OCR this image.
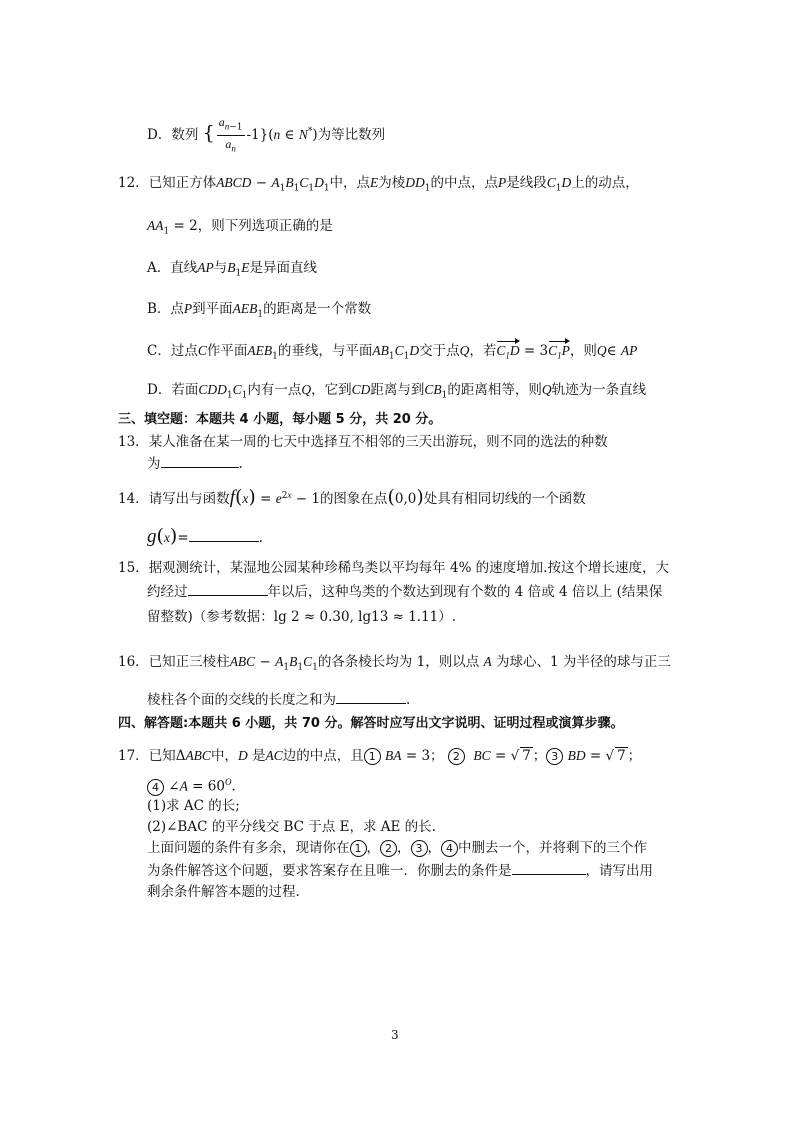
D．数列 { $\frac{a_{n-1}}{a_n} -1\}(n$ ∈ N*)为等比数列
12．已知正方体ABCD − $A_1B_1C_1D_1$中，点E为棱$DD_1$的中点，点P是线段$C_1D$上的动点，
$AA_1 = 2$，则下列选项正确的是
A．直线AP与$B_1E$是异面直线
B．点P到平面$AEB_1$的距离是一个常数
C．过点C作平面$AEB_1$的垂线，与平面$AB_1C_1D$交于点Q，若$C_1D = 3C_1P$，则Q∈ AP
D．若面$CDD_1C_1$内有一点Q，它到CD距离与到$CB_1$的距离相等，则Q轨迹为一条直线
三、填空题：本题共 4 小题，每小题 5 分，共 20 分。
13．某人准备在某一周的七天中选择互不相邻的三天出游玩，则不同的选法的种数
为	.
14．请写出与函数$f(x) = e^{2x} - 1$的图象在点(0,0)处具有相同切线的一个函数
g(x)=	.
15．据观测统计，某湿地公园某种珍稀鸟类以平均每年 4% 的速度增加.按这个增长速度，大
约经过	年以后，这种鸟类的个数达到现有个数的 4 倍或 4 倍以上 (结果保
留整数)（参考数据：lg 2 ≈ 0.30, lg13 ≈ 1.11）.
16．已知正三棱柱ABC − $A_1B_1C_1$的各条棱长均为 1，则以点 A 为球心、1 为半径的球与正三
棱柱各个面的交线的长度之和为	.
四、解答题:本题共 6 小题，共 70 分。解答时应写出文字说明、证明过程或演算步骤。
17．已知ΔABC中，D 是AC边的中点，且 1 BA = 3； 2 BC = √ 7 ； 3 BD = √ 7 ；
4 ∠A = $60^O$.
(1)求 AC 的长;
(2)∠BAC 的平分线交 BC 于点 E，求 AE 的长.
上面问题的条件有多余，现请你在 1 ， 2 ， 3 ， 4 中删去一个，并将剩下的三个作
为条件解答这个问题，要求答案存在且唯一．你删去的条件是	，请写出用
剩余条件解答本题的过程.
3
